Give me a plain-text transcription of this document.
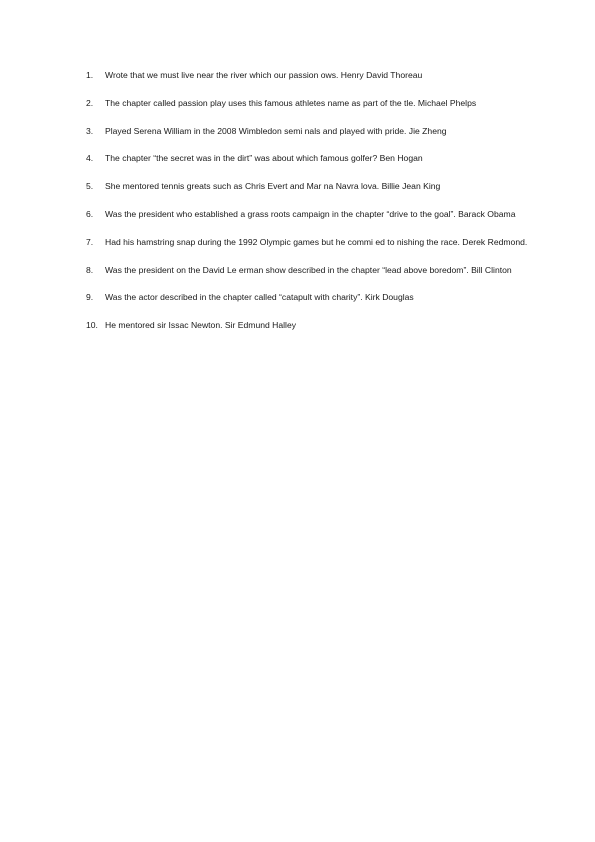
1.	Wrote that we must live near the river which our passion ows. Henry David Thoreau
2.	The chapter called passion play uses this famous athletes name as part of the tle. Michael Phelps
3.	Played Serena William in the 2008 Wimbledon semi nals and played with pride. Jie Zheng
4.	The chapter “the secret was in the dirt” was about which famous golfer? Ben Hogan
5.	She mentored tennis greats such as Chris Evert and Mar na Navra lova. Billie Jean King
6.	Was the president who established a grass roots campaign in the chapter “drive to the goal”. Barack Obama
7.	Had his hamstring snap during the 1992 Olympic games but he commi ed to nishing the race. Derek Redmond.
8.	Was the president on the David Le erman show described in the chapter “lead above boredom”. Bill Clinton
9.	Was the actor described in the chapter called “catapult with charity”. Kirk Douglas
10. He mentored sir Issac Newton. Sir Edmund Halley
